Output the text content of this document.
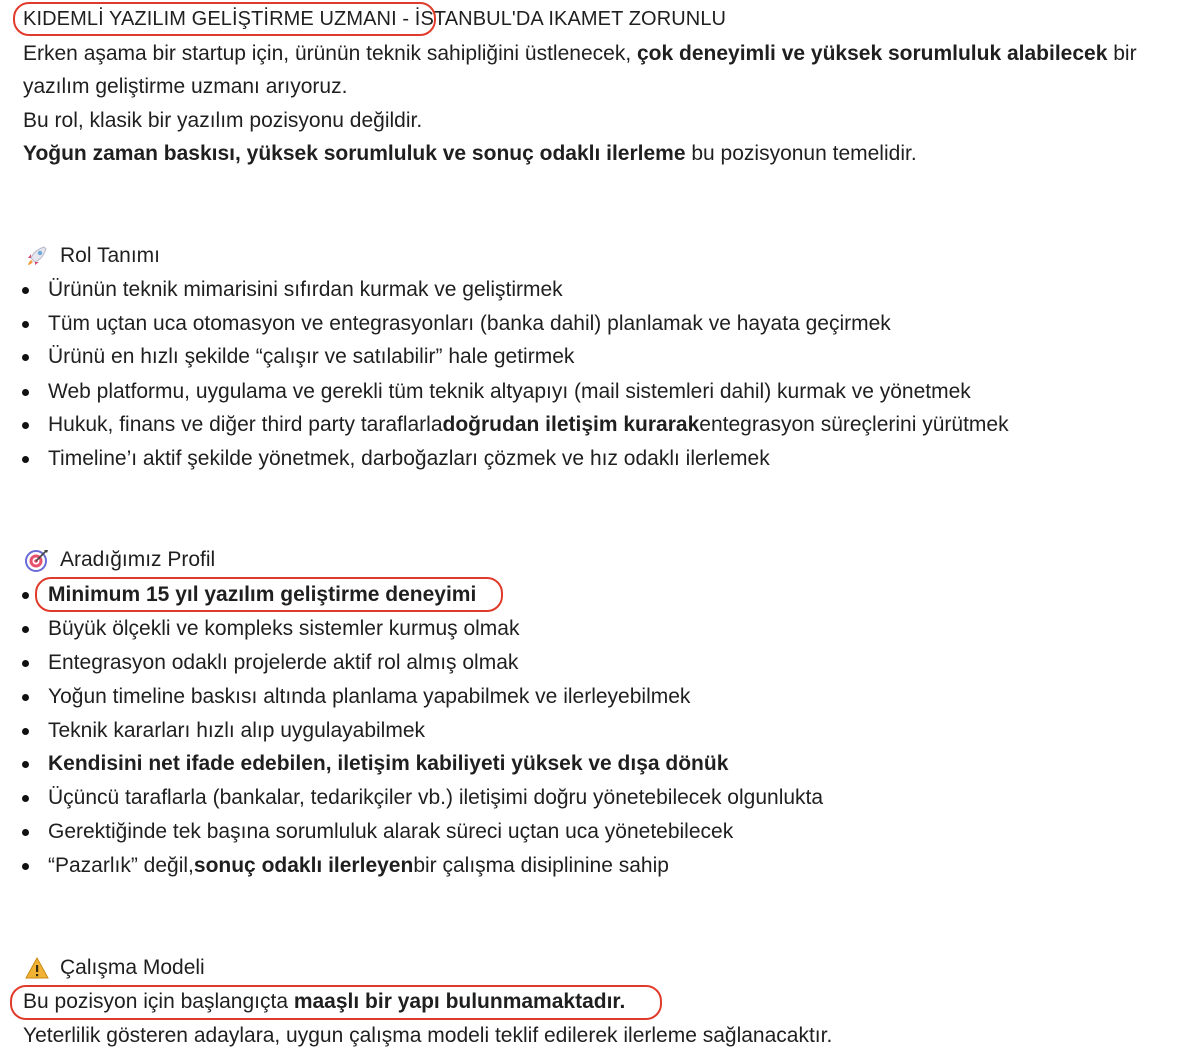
KIDEMLİ YAZILIM GELİŞTİRME UZMANI - İSTANBUL'DA IKAMET ZORUNLU
Erken aşama bir startup için, ürünün teknik sahipliğini üstlenecek, çok deneyimli ve yüksek sorumluluk alabilecek bir
yazılım geliştirme uzmanı arıyoruz.
Bu rol, klasik bir yazılım pozisyonu değildir.
Yoğun zaman baskısı, yüksek sorumluluk ve sonuç odaklı ilerleme bu pozisyonun temelidir.
Rol Tanımı
Ürünün teknik mimarisini sıfırdan kurmak ve geliştirmek
Tüm uçtan uca otomasyon ve entegrasyonları (banka dahil) planlamak ve hayata geçirmek
Ürünü en hızlı şekilde “çalışır ve satılabilir” hale getirmek
Web platformu, uygulama ve gerekli tüm teknik altyapıyı (mail sistemleri dahil) kurmak ve yönetmek
Hukuk, finans ve diğer third party taraflarla doğrudan iletişim kurarak entegrasyon süreçlerini yürütmek
Timeline’ı aktif şekilde yönetmek, darboğazları çözmek ve hız odaklı ilerlemek
Aradığımız Profil
Minimum 15 yıl yazılım geliştirme deneyimi
Büyük ölçekli ve kompleks sistemler kurmuş olmak
Entegrasyon odaklı projelerde aktif rol almış olmak
Yoğun timeline baskısı altında planlama yapabilmek ve ilerleyebilmek
Teknik kararları hızlı alıp uygulayabilmek
Kendisini net ifade edebilen, iletişim kabiliyeti yüksek ve dışa dönük
Üçüncü taraflarla (bankalar, tedarikçiler vb.) iletişimi doğru yönetebilecek olgunlukta
Gerektiğinde tek başına sorumluluk alarak süreci uçtan uca yönetebilecek
“Pazarlık” değil, sonuç odaklı ilerleyen bir çalışma disiplinine sahip
Çalışma Modeli
Bu pozisyon için başlangıçta maaşlı bir yapı bulunmamaktadır.
Yeterlilik gösteren adaylara, uygun çalışma modeli teklif edilerek ilerleme sağlanacaktır.
